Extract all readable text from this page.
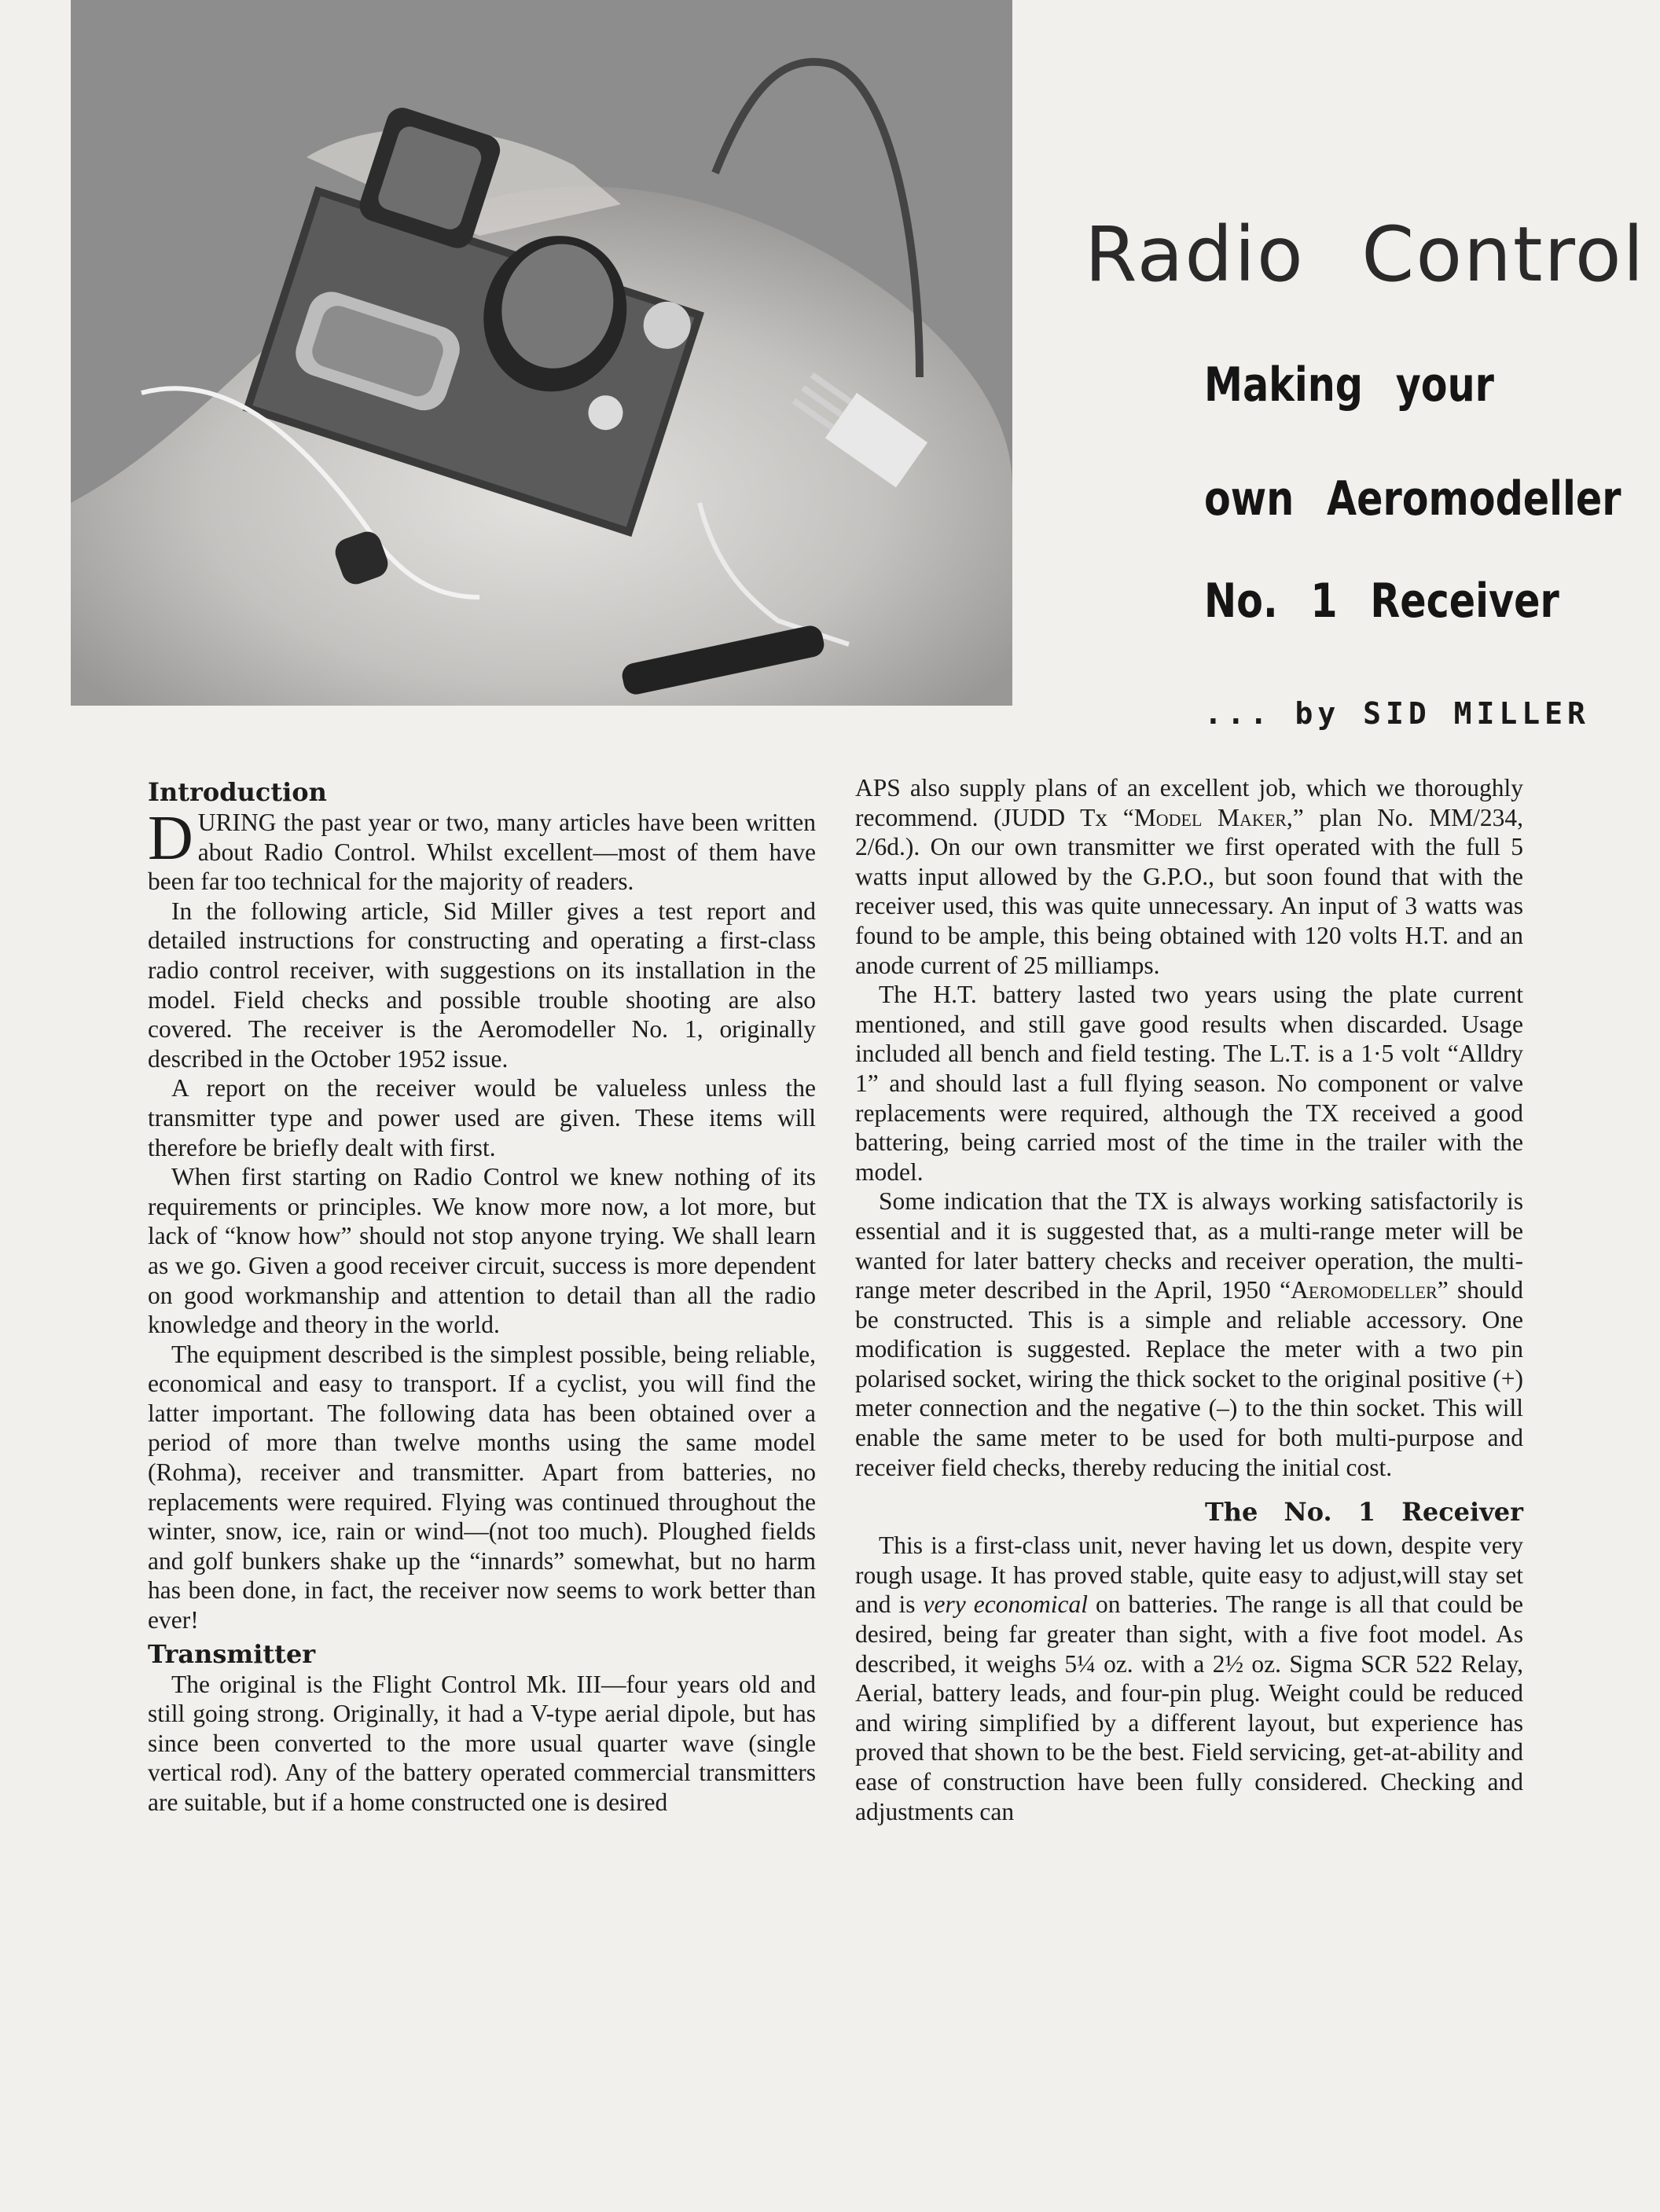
Radio Control
Making your
own Aeromodeller
No. 1 Receiver

... by SID MILLER

Introduction

DURING the past year or two, many articles have been written about Radio Control. Whilst excellent—most of them have been far too technical for the majority of readers.

In the following article, Sid Miller gives a test report and detailed instructions for constructing and operating a first-class radio control receiver, with suggestions on its installation in the model. Field checks and possible trouble shooting are also covered. The receiver is the Aeromodeller No. 1, originally described in the October 1952 issue.

A report on the receiver would be valueless unless the transmitter type and power used are given. These items will therefore be briefly dealt with first.

When first starting on Radio Control we knew nothing of its requirements or principles. We know more now, a lot more, but lack of “know how” should not stop anyone trying. We shall learn as we go. Given a good receiver circuit, success is more dependent on good workmanship and attention to detail than all the radio knowledge and theory in the world.

The equipment described is the simplest possible, being reliable, economical and easy to transport. If a cyclist, you will find the latter important. The following data has been obtained over a period of more than twelve months using the same model (Rohma), receiver and transmitter. Apart from batteries, no replacements were required. Flying was continued throughout the winter, snow, ice, rain or wind—(not too much). Ploughed fields and golf bunkers shake up the “innards” somewhat, but no harm has been done, in fact, the receiver now seems to work better than ever!

Transmitter

The original is the Flight Control Mk. III—four years old and still going strong. Originally, it had a V-type aerial dipole, but has since been converted to the more usual quarter wave (single vertical rod). Any of the battery operated commercial transmitters are suitable, but if a home constructed one is desired

APS also supply plans of an excellent job, which we thoroughly recommend. (JUDD Tx “Model Maker,” plan No. MM/234, 2/6d.). On our own transmitter we first operated with the full 5 watts input allowed by the G.P.O., but soon found that with the receiver used, this was quite unnecessary. An input of 3 watts was found to be ample, this being obtained with 120 volts H.T. and an anode current of 25 milliamps.

The H.T. battery lasted two years using the plate current mentioned, and still gave good results when discarded. Usage included all bench and field testing. The L.T. is a 1·5 volt “Alldry 1” and should last a full flying season. No component or valve replacements were required, although the TX received a good battering, being carried most of the time in the trailer with the model.

Some indication that the TX is always working satisfactorily is essential and it is suggested that, as a multi-range meter will be wanted for later battery checks and receiver operation, the multi-range meter described in the April, 1950 “Aeromodeller” should be constructed. This is a simple and reliable accessory. One modification is suggested. Replace the meter with a two pin polarised socket, wiring the thick socket to the original positive (+) meter connection and the negative (–) to the thin socket. This will enable the same meter to be used for both multi-purpose and receiver field checks, thereby reducing the initial cost.

The No. 1 Receiver

This is a first-class unit, never having let us down, despite very rough usage. It has proved stable, quite easy to adjust,will stay set and is very economical on batteries. The range is all that could be desired, being far greater than sight, with a five foot model. As described, it weighs 5¼ oz. with a 2½ oz. Sigma SCR 522 Relay, Aerial, battery leads, and four-pin plug. Weight could be reduced and wiring simplified by a different layout, but experience has proved that shown to be the best. Field servicing, get-at-ability and ease of construction have been fully considered. Checking and adjustments can
